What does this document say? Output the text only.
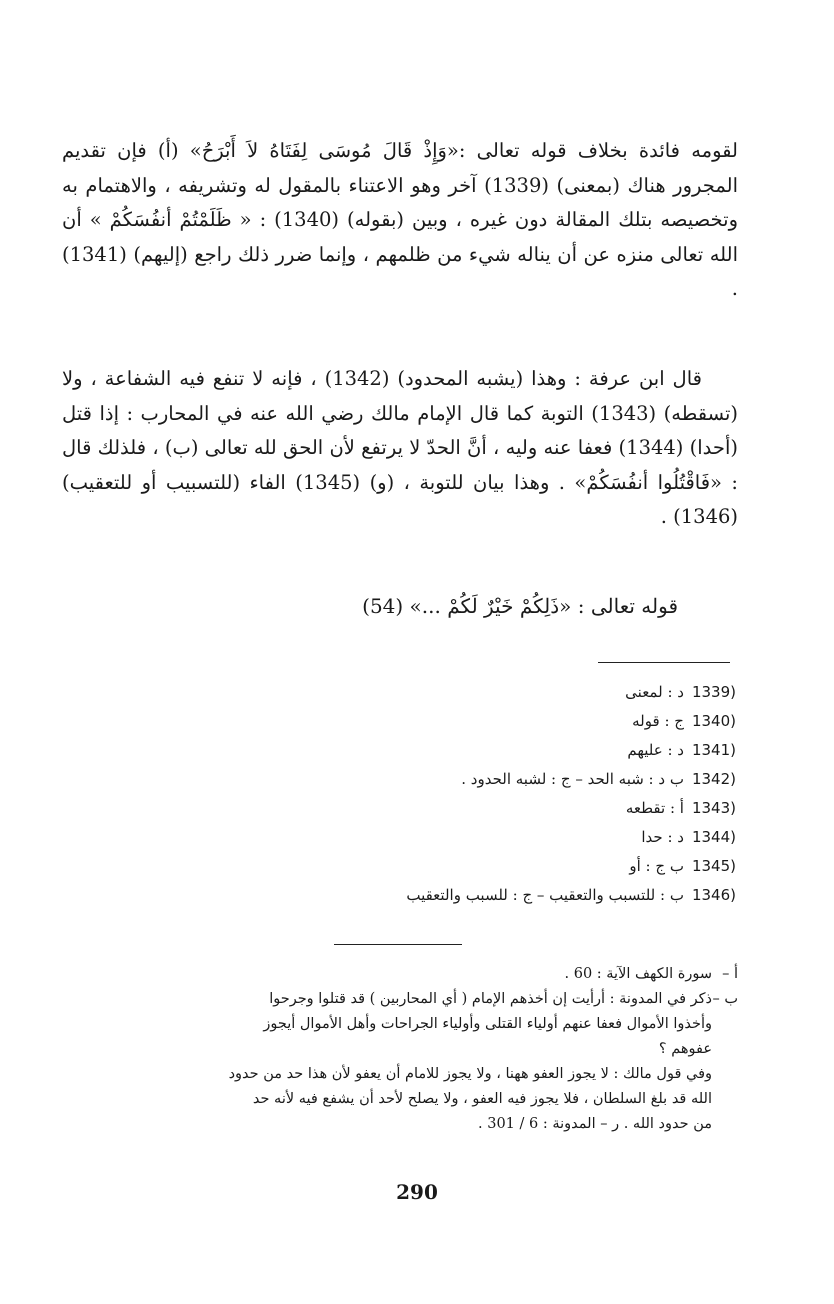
لقومه فائدة بخلاف قوله تعالى :«وَإِذْ قَالَ مُوسَى لِفَتَاهُ لاَ أَبْرَحُ» (أ) فإن تقديم المجرور هناك (بمعنى) (1339) آخر وهو الاعتناء بالمقول له وتشريفه ، والاهتمام به وتخصيصه بتلك المقالة دون غيره ، وبين (بقوله) (1340) : « ظَلَمْتُمْ أنفُسَكُمْ » أن الله تعالى منزه عن أن يناله شيء من ظلمهم ، وإنما ضرر ذلك راجع (إليهم) (1341) .

قال ابن عرفة : وهذا (يشبه المحدود) (1342) ، فإنه لا تنفع فيه الشفاعة ، ولا (تسقطه) (1343) التوبة كما قال الإمام مالك رضي الله عنه في المحارب : إذا قتل (أحدا) (1344) فعفا عنه وليه ، أنَّ الحدّ لا يرتفع لأن الحق لله تعالى (ب) ، فلذلك قال : «فَاقْتُلُوا أنفُسَكُمْ» . وهذا بيان للتوبة ، (و) (1345) الفاء (للتسبيب أو للتعقيب) (1346) .

قوله تعالى : «ذَلِكُمْ خَيْرٌ لَكُمْ ...» (54)
(1339د : لمعنى
(1340ج : قوله
(1341د : عليهم
(1342ب د : شبه الحد – ج : لشبه الحدود .
(1343أ : تقطعه
(1344د : حدا
(1345ب ج : أو
(1346ب : للتسبب والتعقيب – ج : للسبب والتعقيب
أ –
سورة الكهف الآية : 60 .
ب –
ذكر في المدونة : أرأيت إن أخذهم الإمام ( أي المحاربين ) قد قتلوا وجرحوا
وأخذوا الأموال فعفا عنهم أولياء القتلى وأولياء الجراحات وأهل الأموال أيجوز
عفوهم ؟
وفي قول مالك : لا يجوز العفو ههنا ، ولا يجوز للامام أن يعفو لأن هذا حد من حدود
الله قد بلغ السلطان ، فلا يجوز فيه العفو ، ولا يصلح لأحد أن يشفع فيه لأنه حد
من حدود الله . ر – المدونة : 6 / 301 .
290
